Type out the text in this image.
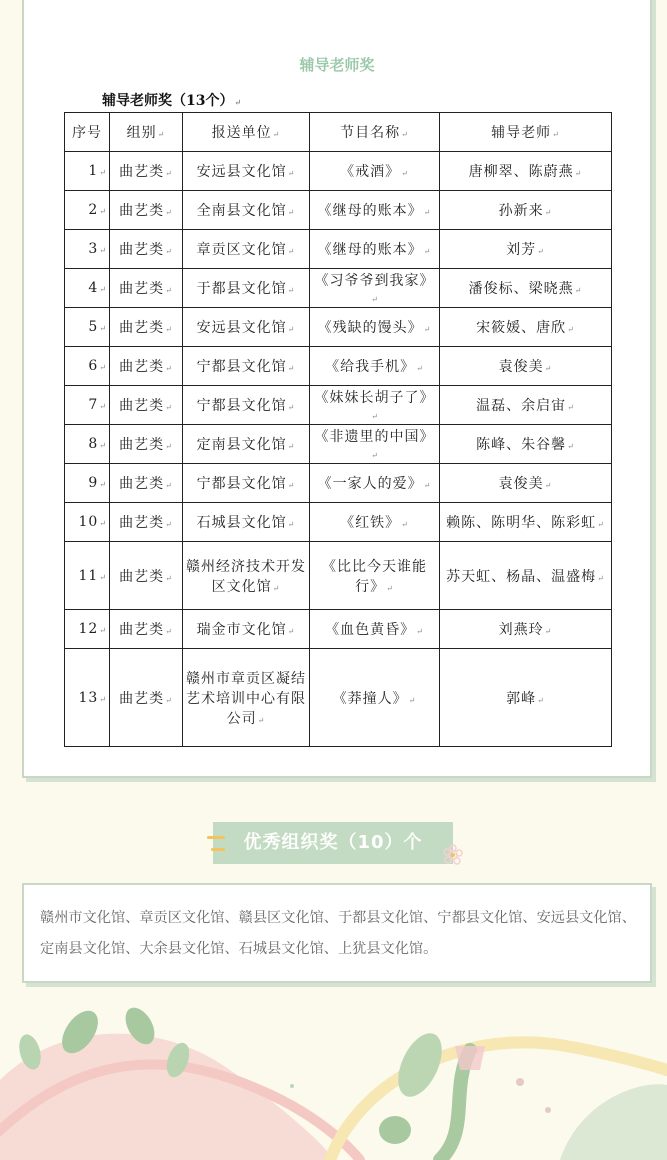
辅导老师奖
辅导老师奖（13个）↵
序号	组别↵	报送单位↵	节目名称↵	辅导老师↵
1↵	曲艺类↵	安远县文化馆↵	《戒酒》↵	唐柳翠、陈蔚燕↵
2↵	曲艺类↵	全南县文化馆↵	《继母的账本》↵	孙新来↵
3↵	曲艺类↵	章贡区文化馆↵	《继母的账本》↵	刘芳↵
4↵	曲艺类↵	于都县文化馆↵	《习爷爷到我家》↵	潘俊标、梁晓燕↵
5↵	曲艺类↵	安远县文化馆↵	《残缺的馒头》↵	宋筱媛、唐欣↵
6↵	曲艺类↵	宁都县文化馆↵	《给我手机》↵	袁俊美↵
7↵	曲艺类↵	宁都县文化馆↵	《妹妹长胡子了》↵	温磊、余启宙↵
8↵	曲艺类↵	定南县文化馆↵	《非遗里的中国》↵	陈峰、朱谷馨↵
9↵	曲艺类↵	宁都县文化馆↵	《一家人的爱》↵	袁俊美↵
10↵	曲艺类↵	石城县文化馆↵	《红铁》↵	赖陈、陈明华、陈彩虹↵
11↵	曲艺类↵	赣州经济技术开发区文化馆↵	《比比今天谁能行》↵	苏天虹、杨晶、温盛梅↵
12↵	曲艺类↵	瑞金市文化馆↵	《血色黄昏》↵	刘燕玲↵
13↵	曲艺类↵	赣州市章贡区凝结艺术培训中心有限公司↵	《莽撞人》↵	郭峰↵
优秀组织奖（10）个
赣州市文化馆、章贡区文化馆、赣县区文化馆、于都县文化馆、宁都县文化馆、安远县文化馆、定南县文化馆、大余县文化馆、石城县文化馆、上犹县文化馆。
